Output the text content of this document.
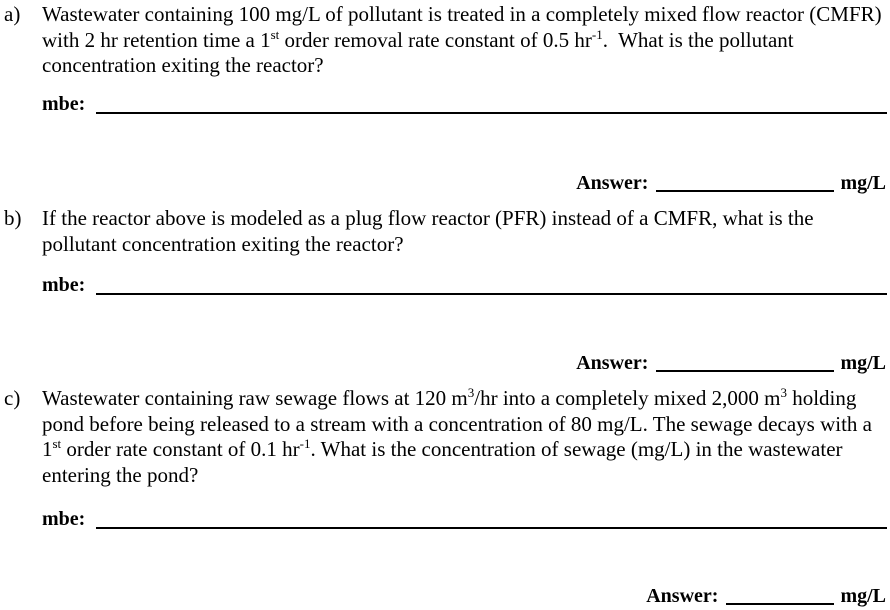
a) Wastewater containing 100 mg/L of pollutant is treated in a completely mixed flow reactor (CMFR) with 2 hr retention time a 1st order removal rate constant of 0.5 $hr^{-1}$.  What is the pollutant concentration exiting the reactor?
mbe:
Answer:	mg/L
b) If the reactor above is modeled as a plug flow reactor (PFR) instead of a CMFR, what is the pollutant concentration exiting the reactor?
mbe:
Answer:	mg/L
c) Wastewater containing raw sewage flows at 120 $m^3/hr$ into a completely mixed 2,000 $m^3$ holding pond before being released to a stream with a concentration of 80 mg/L. The sewage decays with a 1st order rate constant of 0.1 $hr^{-1}$. What is the concentration of sewage (mg/L) in the wastewater entering the pond?
mbe:
Answer:	mg/L
